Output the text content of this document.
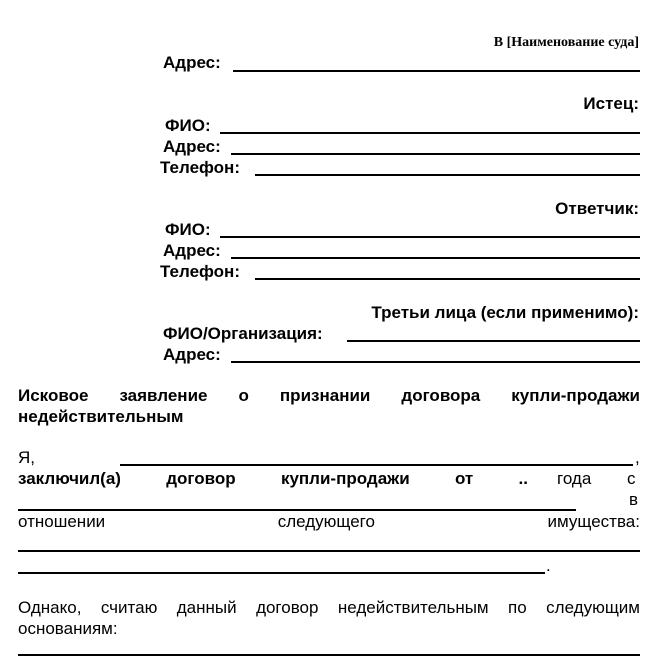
В [Наименование суда]
Адрес:
Истец:
ФИО:
Адрес:
Телефон:
Ответчик:
ФИО:
Адрес:
Телефон:
Третьи лица (если применимо):
ФИО/Организация:
Адрес:
Исковое заявление о признании договора купли-продажи
недействительным
Я,	,
заключил(а)	договор	купли-продажи	от	.. года с
в
отношении	следующего	имущества:
.
Однако, считаю данный договор недействительным по следующим
основаниям:
